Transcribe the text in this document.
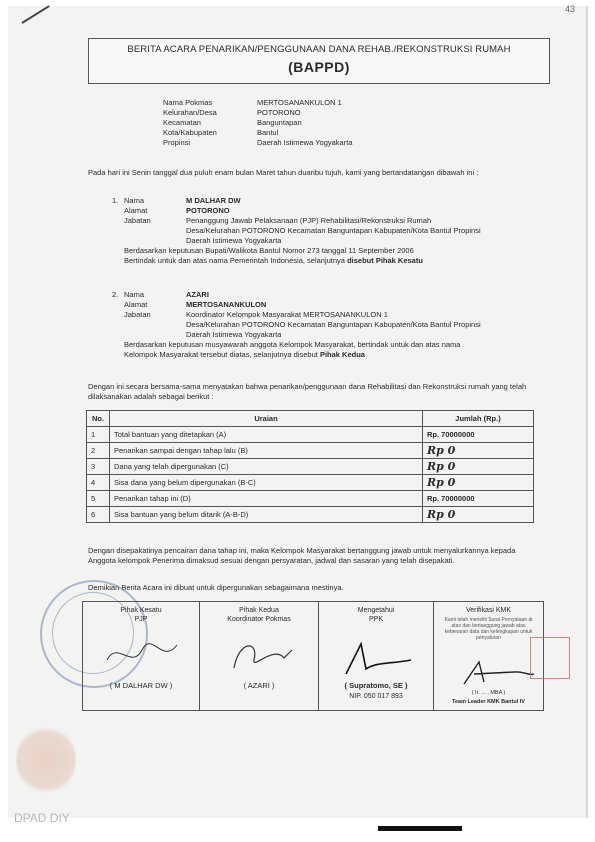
43
BERITA ACARA PENARIKAN/PENGGUNAAN DANA REHAB./REKONSTRUKSI RUMAH
(BAPPD)
Nama Pokmas	MERTOSANANKULON 1
Kelurahan/Desa	POTORONO
Kecamatan	Banguntapan
Kota/Kabupaten	Bantul
Propinsi	Daerah Istimewa Yogyakarta
Pada hari ini Senin tanggal dua puluh enam bulan Maret tahun duaribu tujuh, kami yang bertandatangan dibawah ini :
1. Nama	M DALHAR DW
Alamat	POTORONO
Jabatan	Penanggung Jawab Pelaksanaan (PJP) Rehabilitasi/Rekonstruksi Rumah
Desa/Kelurahan POTORONO Kecamatan Banguntapan Kabupaten/Kota Bantul Propinsi
Daerah Istimewa Yogyakarta
Berdasarkan keputusan Bupati/Walikota Bantul Nomor 273 tanggal 11 September 2006
Bertindak untuk dan atas nama Pemerintah Indonesia, selanjutnya disebut Pihak Kesatu
2. Nama	AZARI
Alamat	MERTOSANANKULON
Jabatan	Koordinator Kelompok Masyarakat MERTOSANANKULON 1
Desa/Kelurahan POTORONO Kecamatan Banguntapan Kabupaten/Kota Bantul Propinsi
Daerah Istimewa Yogyakarta
Berdasarkan keputusan musyawarah anggota Kelompok Masyarakat, bertindak untuk dan atas nama
Kelompok Masyarakat tersebut diatas, selanjutnya disebut Pihak Kedua
Dengan ini secara bersama-sama menyatakan bahwa penarikan/penggunaan dana Rehabilitasi dan Rekonstruksi rumah yang telah dilaksanakan adalah sebagai berikut :
No.	Uraian	Jumlah (Rp.)
1	Total bantuan yang ditetapkan (A)	Rp. 70000000
2	Penarikan sampai dengan tahap lalu (B)	Rp 0
3	Dana yang telah dipergunakan (C)	Rp 0
4	Sisa dana yang belum dipergunakan (B-C)	Rp 0
5	Penarikan tahap ini (D)	Rp. 70000000
6	Sisa bantuan yang belum ditarik (A-B-D)	Rp 0
Dengan disepakatinya pencairan dana tahap ini, maka Kelompok Masyarakat bertanggung jawab untuk menyalurkannya kepada Anggota kelompok Penerima dimaksud sesuai dengan persyaratan, jadwal dan sasaran yang telah disepakati.
Demikian Berita Acara ini dibuat untuk dipergunakan sebagaimana mestinya.
Pihak Kesatu
PJP
( M DALHAR DW )
Pihak Kedua
Koordinator Pokmas
( AZARI )
Mengetahui
PPK
( Supratomo, SE )
NIP. 050 017 893
Verifikasi KMK
Kami telah meneliti Surat Pernyataan di atas dan bertanggung jawab atas kebenaran data dan kelengkapan untuk penyaluran
( Ir. ... , MBA )
Team Leader KMK Bantul IV
DPAD DIY
